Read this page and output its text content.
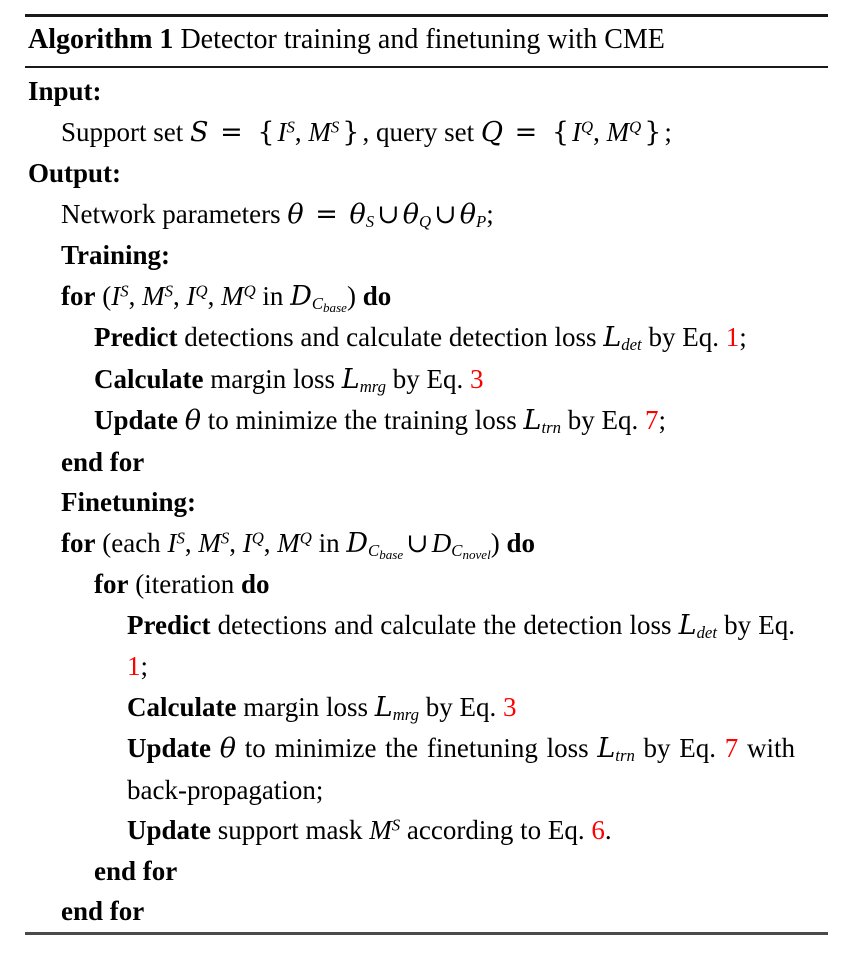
Algorithm 1 Detector training and finetuning with CME
Input:
Support set S = { $I^S$, $M^S$ } , query set Q = { $I^Q$, $M^Q$ } ;
Output:
Network parameters $\theta = \theta_S$ ∪ $\theta_Q$ ∪ $\theta_P$;
Training:
for ($I^S$, $M^S$, $I^Q$, $M^Q$ in $D_{C_{base}}$) do
Predict detections and calculate detection loss $L_{det}$ by Eq. 1;
Calculate margin loss $L_{mrg}$ by Eq. 3
Update θ to minimize the training loss $L_{trn}$ by Eq. 7;
end for
Finetuning:
for (each $I^S$, $M^S$, $I^Q$, $M^Q$ in $D_{C_{base}}$ ∪ $D_{C_{novel}}$) do
for (iteration do
Predict detections and calculate the detection loss $L_{det}$ by Eq. 1;
Calculate margin loss $L_{mrg}$ by Eq. 3
Update θ to minimize the finetuning loss $L_{trn}$ by Eq. 7 with back-propagation;
Update support mask $M^S$ according to Eq. 6.
end for
end for
